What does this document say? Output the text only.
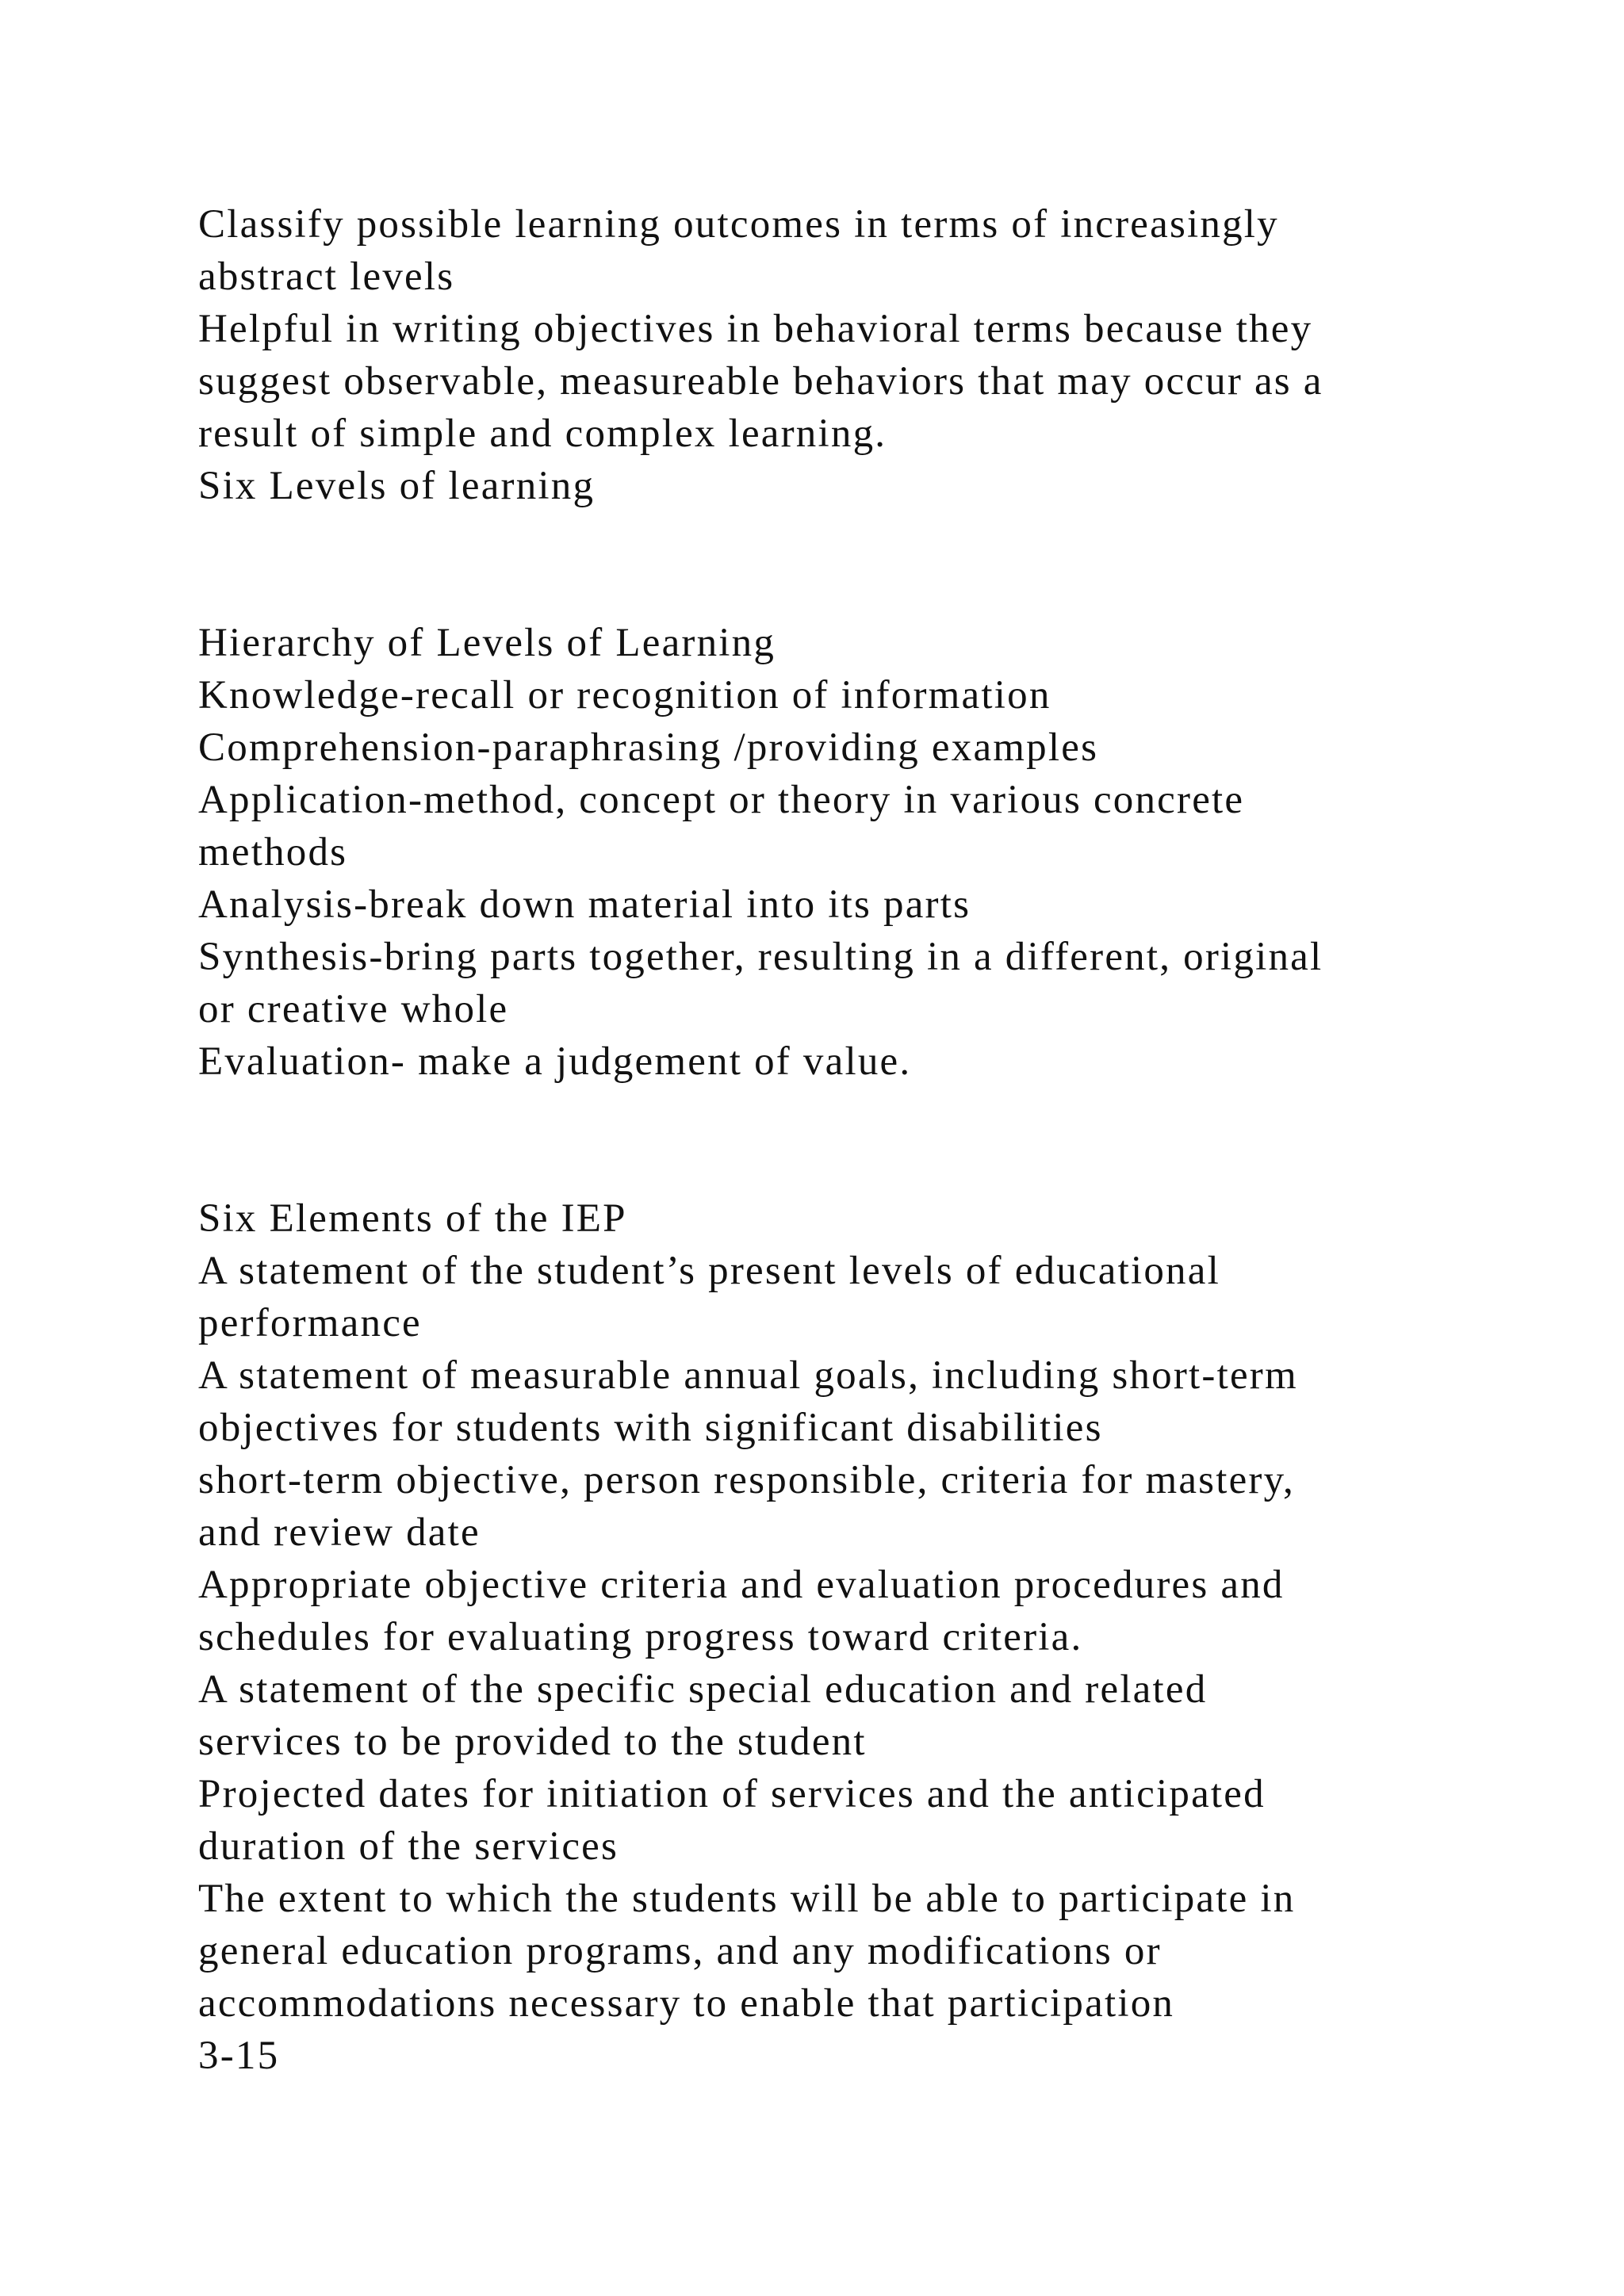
Classify possible learning outcomes in terms of increasingly
abstract levels
Helpful in writing objectives in behavioral terms because they
suggest observable, measureable behaviors that may occur as a
result of simple and complex learning.
Six Levels of learning
Hierarchy of Levels of Learning
Knowledge-recall or recognition of information
Comprehension-paraphrasing /providing examples
Application-method, concept or theory in various concrete
methods
Analysis-break down material into its parts
Synthesis-bring parts together, resulting in a different, original
or creative whole
Evaluation- make a judgement of value.
Six Elements of the IEP
A statement of the student’s present levels of educational
performance
A statement of measurable annual goals, including short-term
objectives for students with significant disabilities
short-term objective, person responsible, criteria for mastery,
and review date
Appropriate objective criteria and evaluation procedures and
schedules for evaluating progress toward criteria.
A statement of the specific special education and related
services to be provided to the student
Projected dates for initiation of services and the anticipated
duration of the services
The extent to which the students will be able to participate in
general education programs, and any modifications or
accommodations necessary to enable that participation
3-15
